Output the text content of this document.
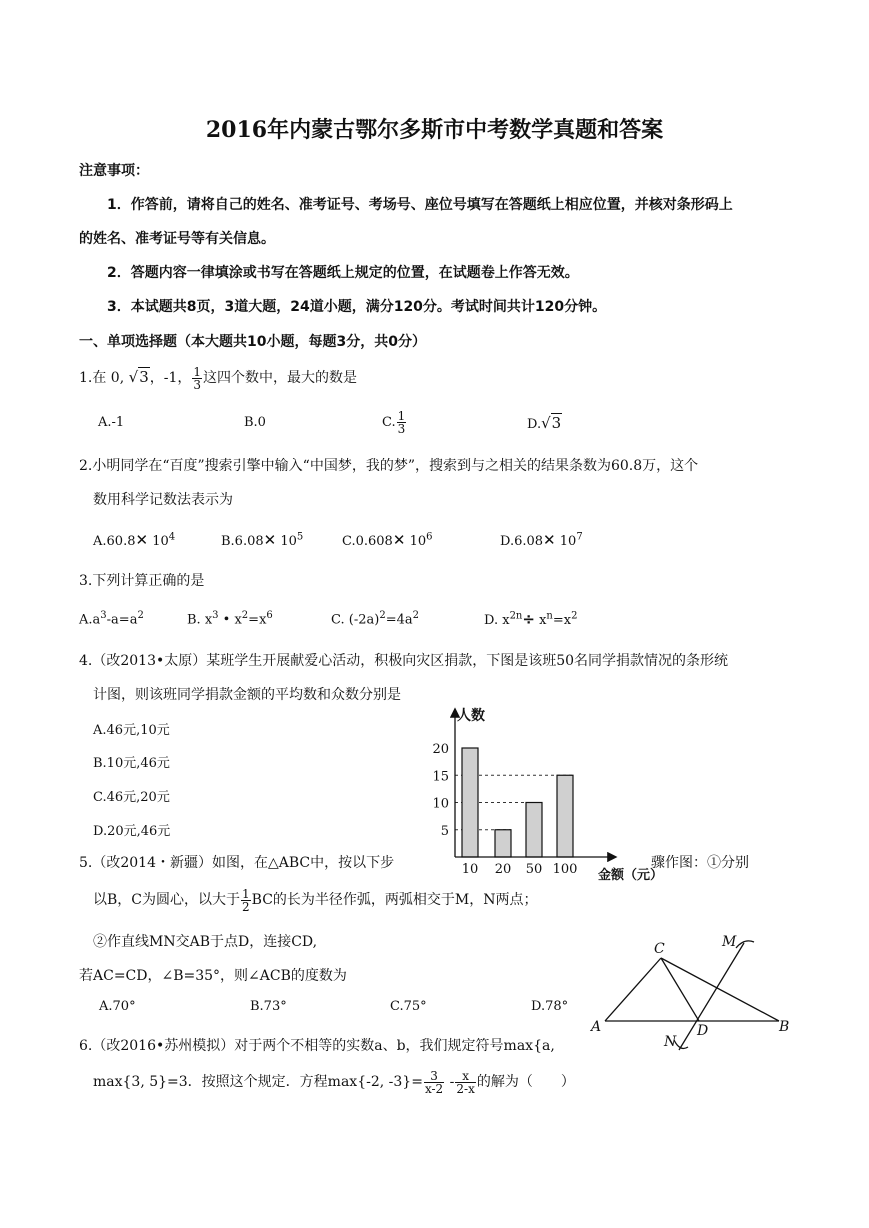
2016年内蒙古鄂尔多斯市中考数学真题和答案
注意事项：
1．作答前，请将自己的姓名、准考证号、考场号、座位号填写在答题纸上相应位置，并核对条形码上
的姓名、准考证号等有关信息。
2．答题内容一律填涂或书写在答题纸上规定的位置，在试题卷上作答无效。
3．本试题共8页，3道大题，24道小题，满分120分。考试时间共计120分钟。
一、单项选择题（本大题共10小题，每题3分，共0分）
1.在 0, √3，-1， $\frac{1}{3}$ 这四个数中，最大的数是
A.-1	B.0	C. $\frac{1}{3}$	D.√3
2.小明同学在“百度”搜索引擎中输入“中国梦，我的梦”，搜索到与之相关的结果条数为60.8万，这个
数用科学记数法表示为
A.60.8✕ $10^4$	B.6.08✕ $10^5$	C.0.608✕ $10^6$	D.6.08✕ $10^7$
3.下列计算正确的是
$A.a^3-a=a^2$	B. $x^3$ • $x^2=x^6$	C. $(-2a)^2=4a^2$	D. $x^{2n}\div x^n=x^2$
4.（改2013•太原）某班学生开展献爱心活动，积极向灾区捐款，下图是该班50名同学捐款情况的条形统
计图，则该班同学捐款金额的平均数和众数分别是
A.46元,10元
B.10元,46元
C.46元,20元
D.20元,46元
10 20 50 100
5
10
15
20
人数
金额（元）
5.（改2014・新疆）如图，在△ABC中，按以下步	骤作图：①分别
以B，C为圆心，以大于 $\frac{1}{2}$ BC的长为半径作弧，两弧相交于M，N两点；
②作直线MN交AB于点D，连接CD,
若AC=CD，∠B=35°，则∠ACB的度数为
A.70°	B.73°	C.75°	D.78°
A	B
C
D
M
N
6.（改2016•苏州模拟）对于两个不相等的实数a、b，我们规定符号max{a,
max{3, 5}=3．按照这个规定．方程max{-2, $-3\}= \frac{3}{x-2} - \frac{x}{2-x}$ 的解为（　　）
